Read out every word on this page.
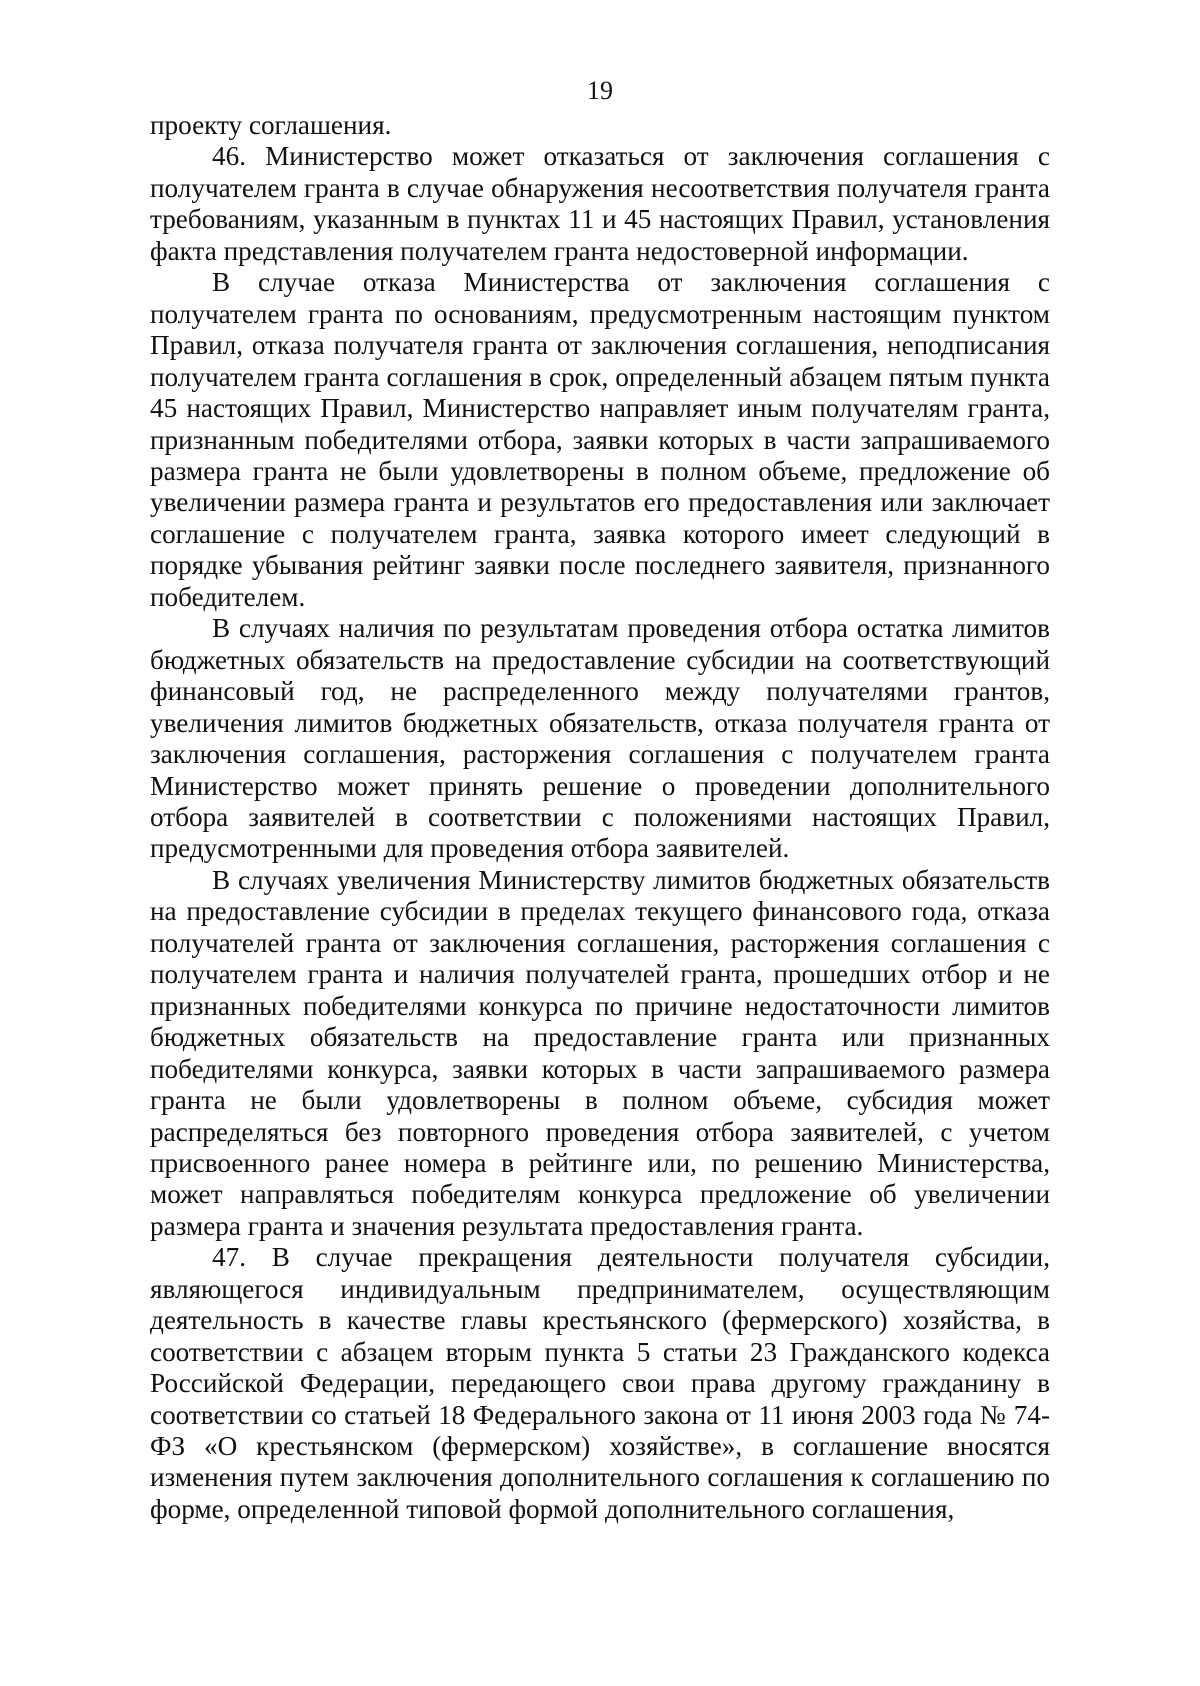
19

проекту соглашения.

46. Министерство может отказаться от заключения соглашения с получателем гранта в случае обнаружения несоответствия получателя гранта требованиям, указанным в пунктах 11 и 45 настоящих Правил, установления факта представления получателем гранта недостоверной информации.

В случае отказа Министерства от заключения соглашения с получателем гранта по основаниям, предусмотренным настоящим пунктом Правил, отказа получателя гранта от заключения соглашения, неподписания получателем гранта соглашения в срок, определенный абзацем пятым пункта 45 настоящих Правил, Министерство направляет иным получателям гранта, признанным победителями отбора, заявки которых в части запрашиваемого размера гранта не были удовлетворены в полном объеме, предложение об увеличении размера гранта и результатов его предоставления или заключает соглашение с получателем гранта, заявка которого имеет следующий в порядке убывания рейтинг заявки после последнего заявителя, признанного победителем.

В случаях наличия по результатам проведения отбора остатка лимитов бюджетных обязательств на предоставление субсидии на соответствующий финансовый год, не распределенного между получателями грантов, увеличения лимитов бюджетных обязательств, отказа получателя гранта от заключения соглашения, расторжения соглашения с получателем гранта Министерство может принять решение о проведении дополнительного отбора заявителей в соответствии с положениями настоящих Правил, предусмотренными для проведения отбора заявителей.

В случаях увеличения Министерству лимитов бюджетных обязательств на предоставление субсидии в пределах текущего финансового года, отказа получателей гранта от заключения соглашения, расторжения соглашения с получателем гранта и наличия получателей гранта, прошедших отбор и не признанных победителями конкурса по причине недостаточности лимитов бюджетных обязательств на предоставление гранта или признанных победителями конкурса, заявки которых в части запрашиваемого размера гранта не были удовлетворены в полном объеме, субсидия может распределяться без повторного проведения отбора заявителей, с учетом присвоенного ранее номера в рейтинге или, по решению Министерства, может направляться победителям конкурса предложение об увеличении размера гранта и значения результата предоставления гранта.

47. В случае прекращения деятельности получателя субсидии, являющегося индивидуальным предпринимателем, осуществляющим деятельность в качестве главы крестьянского (фермерского) хозяйства, в соответствии с абзацем вторым пункта 5 статьи 23 Гражданского кодекса Российской Федерации, передающего свои права другому гражданину в соответствии со статьей 18 Федерального закона от 11 июня 2003 года № 74-ФЗ «О крестьянском (фермерском) хозяйстве», в соглашение вносятся изменения путем заключения дополнительного соглашения к соглашению по форме, определенной типовой формой дополнительного соглашения,
